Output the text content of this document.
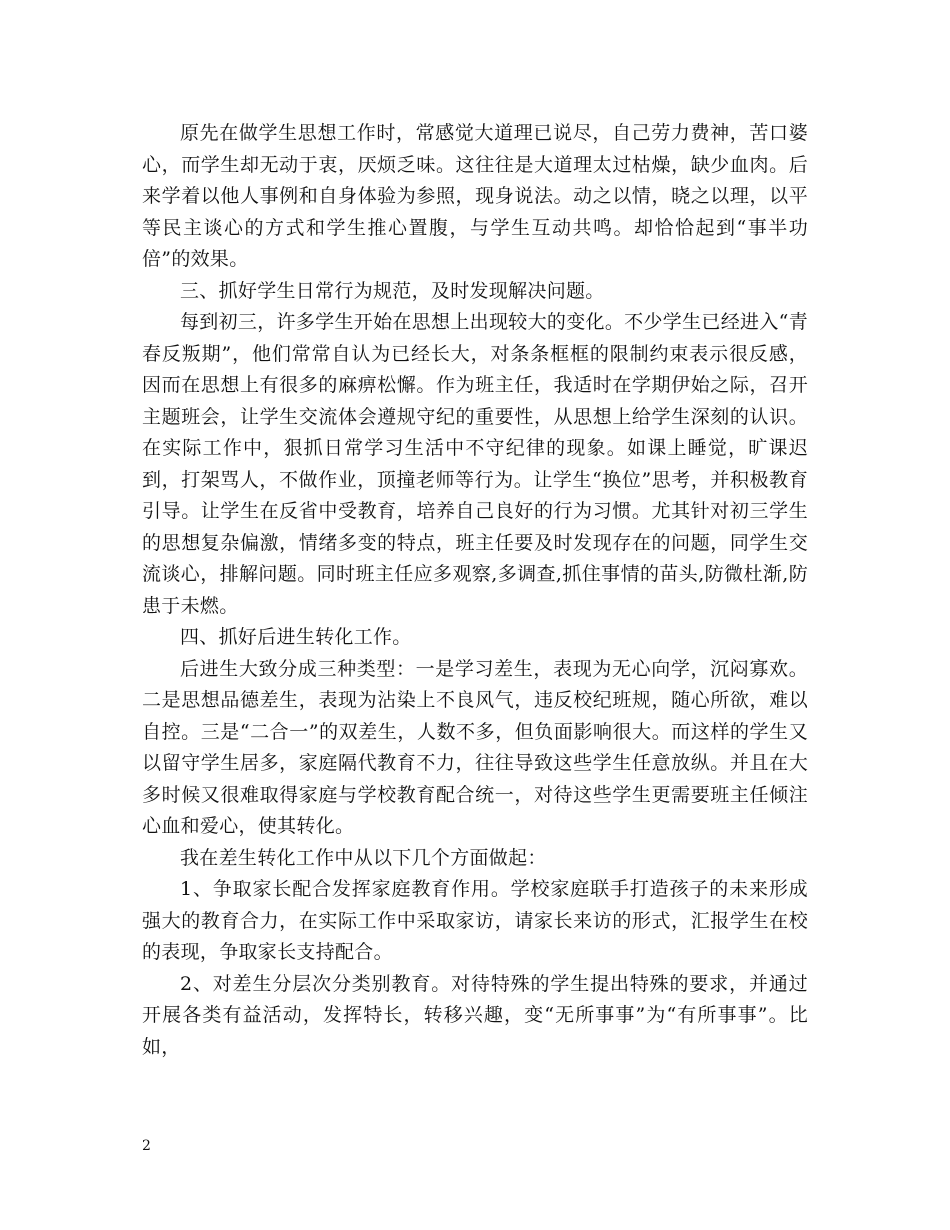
原先在做学生思想工作时，常感觉大道理已说尽，自己劳力费神，苦口婆心，而学生却无动于衷，厌烦乏味。这往往是大道理太过枯燥，缺少血肉。后来学着以他人事例和自身体验为参照，现身说法。动之以情，晓之以理，以平等民主谈心的方式和学生推心置腹，与学生互动共鸣。却恰恰起到“事半功倍”的效果。

三、抓好学生日常行为规范，及时发现解决问题。

每到初三，许多学生开始在思想上出现较大的变化。不少学生已经进入“青春反叛期”，他们常常自认为已经长大，对条条框框的限制约束表示很反感，因而在思想上有很多的麻痹松懈。作为班主任，我适时在学期伊始之际，召开主题班会，让学生交流体会遵规守纪的重要性，从思想上给学生深刻的认识。在实际工作中，狠抓日常学习生活中不守纪律的现象。如课上睡觉，旷课迟到，打架骂人，不做作业，顶撞老师等行为。让学生“换位”思考，并积极教育引导。让学生在反省中受教育，培养自己良好的行为习惯。尤其针对初三学生的思想复杂偏激，情绪多变的特点，班主任要及时发现存在的问题，同学生交流谈心，排解问题。同时班主任应多观察,多调查,抓住事情的苗头,防微杜渐,防患于未燃。

四、抓好后进生转化工作。

后进生大致分成三种类型：一是学习差生，表现为无心向学，沉闷寡欢。二是思想品德差生，表现为沾染上不良风气，违反校纪班规，随心所欲，难以自控。三是“二合一”的双差生，人数不多，但负面影响很大。而这样的学生又以留守学生居多，家庭隔代教育不力，往往导致这些学生任意放纵。并且在大多时候又很难取得家庭与学校教育配合统一，对待这些学生更需要班主任倾注心血和爱心，使其转化。

我在差生转化工作中从以下几个方面做起：

1、争取家长配合发挥家庭教育作用。学校家庭联手打造孩子的未来形成强大的教育合力，在实际工作中采取家访，请家长来访的形式，汇报学生在校的表现，争取家长支持配合。

2、对差生分层次分类别教育。对待特殊的学生提出特殊的要求，并通过开展各类有益活动，发挥特长，转移兴趣，变“无所事事”为“有所事事”。比如，

2
